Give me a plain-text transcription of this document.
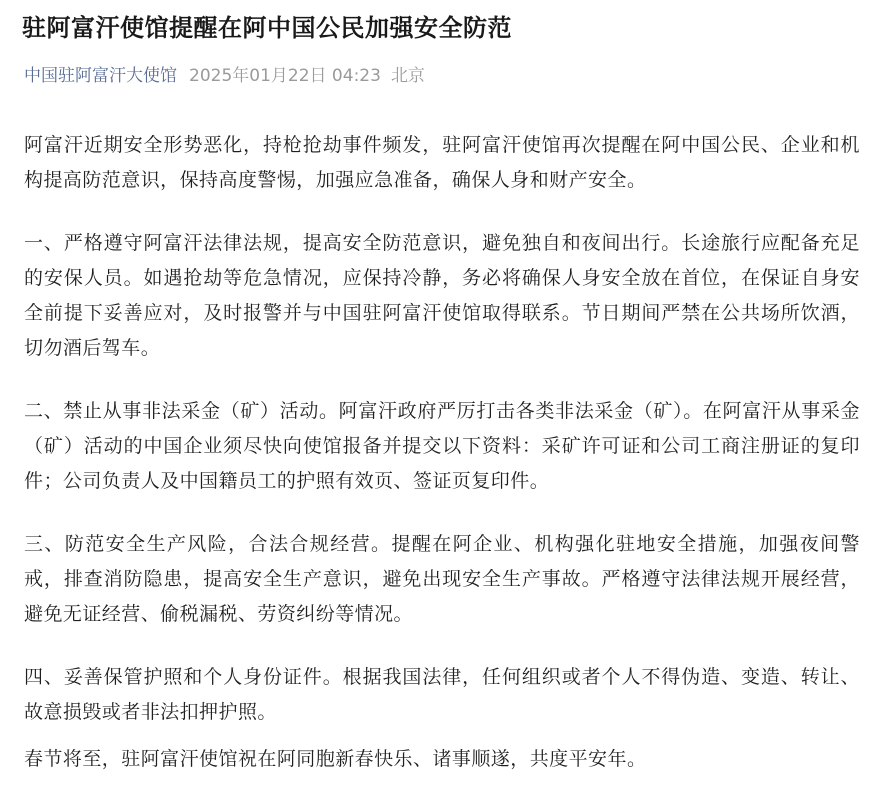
驻阿富汗使馆提醒在阿中国公民加强安全防范
中国驻阿富汗大使馆 2025年01月22日 04:23 北京

阿富汗近期安全形势恶化，持枪抢劫事件频发，驻阿富汗使馆再次提醒在阿中国公民、企业和机构提高防范意识，保持高度警惕，加强应急准备，确保人身和财产安全。

一、严格遵守阿富汗法律法规，提高安全防范意识，避免独自和夜间出行。长途旅行应配备充足的安保人员。如遇抢劫等危急情况，应保持冷静，务必将确保人身安全放在首位，在保证自身安全前提下妥善应对，及时报警并与中国驻阿富汗使馆取得联系。节日期间严禁在公共场所饮酒，切勿酒后驾车。

二、禁止从事非法采金（矿）活动。阿富汗政府严厉打击各类非法采金（矿）。在阿富汗从事采金（矿）活动的中国企业须尽快向使馆报备并提交以下资料：采矿许可证和公司工商注册证的复印件；公司负责人及中国籍员工的护照有效页、签证页复印件。

三、防范安全生产风险，合法合规经营。提醒在阿企业、机构强化驻地安全措施，加强夜间警戒，排查消防隐患，提高安全生产意识，避免出现安全生产事故。严格遵守法律法规开展经营，避免无证经营、偷税漏税、劳资纠纷等情况。

四、妥善保管护照和个人身份证件。根据我国法律，任何组织或者个人不得伪造、变造、转让、故意损毁或者非法扣押护照。

春节将至，驻阿富汗使馆祝在阿同胞新春快乐、诸事顺遂，共度平安年。
